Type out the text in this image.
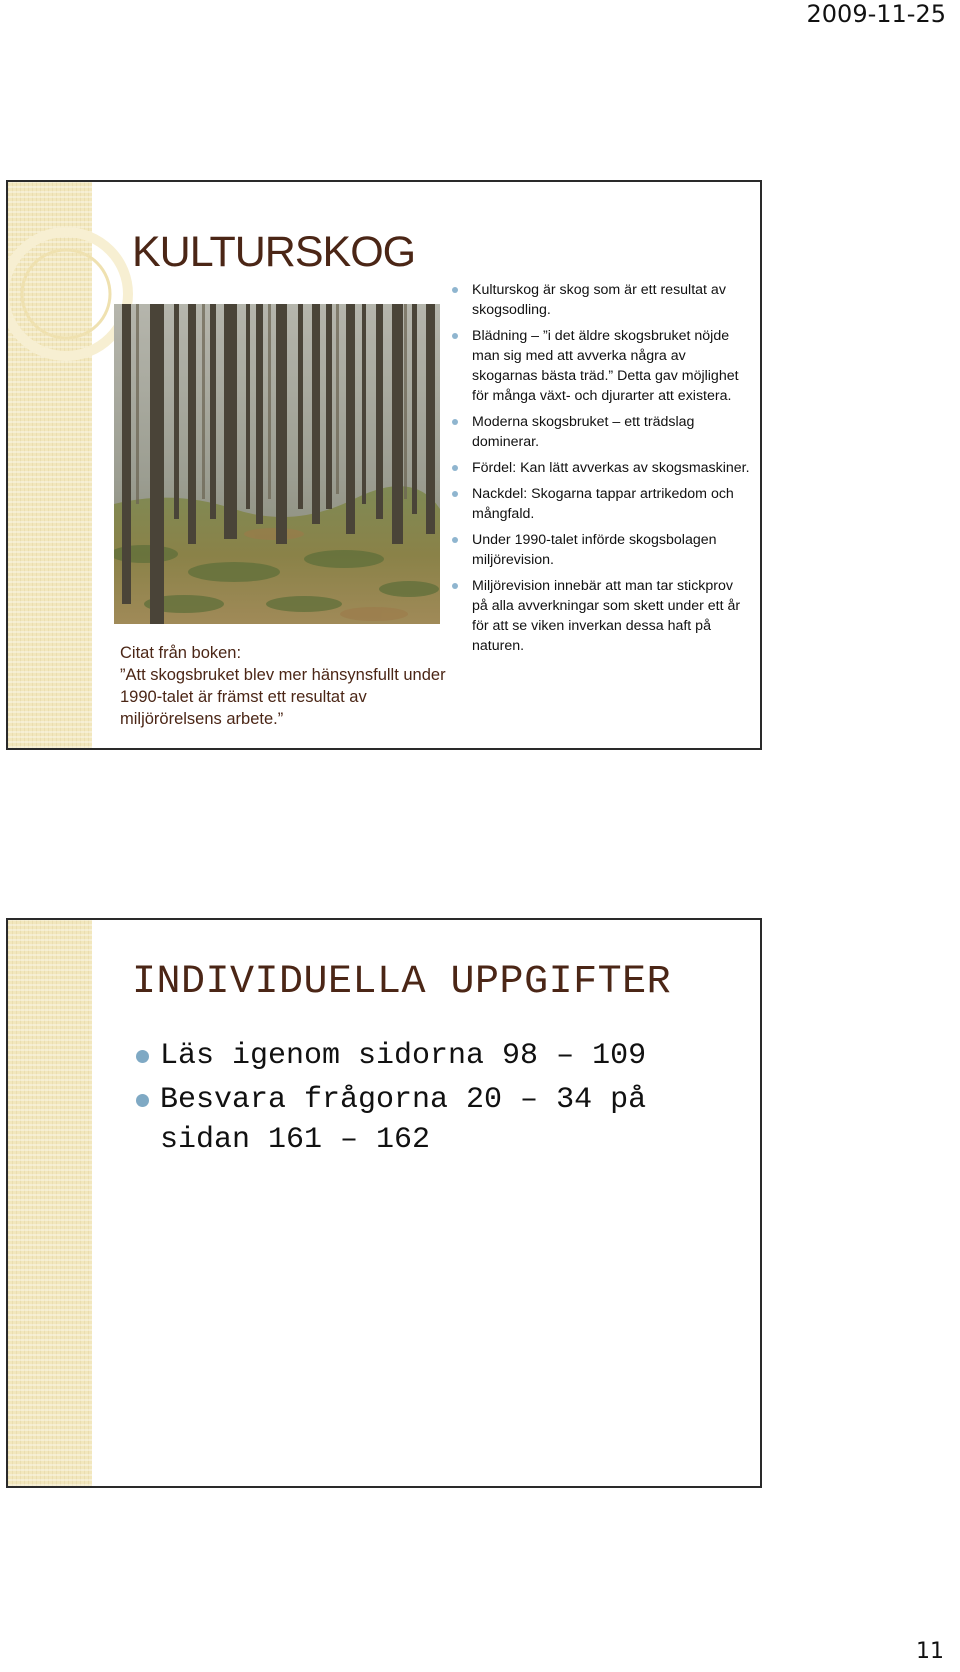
2009-11-25
KULTURSKOG
Citat från boken:
”Att skogsbruket blev mer hänsynsfullt under 1990-talet är främst ett resultat av miljörörelsens arbete.”
Kulturskog är skog som är ett resultat av skogsodling.
Blädning – ”i det äldre skogsbruket nöjde man sig med att avverka några av skogarnas bästa träd.” Detta gav möjlighet för många växt- och djurarter att existera.
Moderna skogsbruket – ett trädslag dominerar.
Fördel: Kan lätt avverkas av skogsmaskiner.
Nackdel: Skogarna tappar artrikedom och mångfald.
Under 1990-talet införde skogsbolagen miljörevision.
Miljörevision innebär att man tar stickprov på alla avverkningar som skett under ett år för att se viken inverkan dessa haft på naturen.
INDIVIDUELLA UPPGIFTER
Läs igenom sidorna 98 – 109
Besvara frågorna 20 – 34 på sidan 161 – 162
11
